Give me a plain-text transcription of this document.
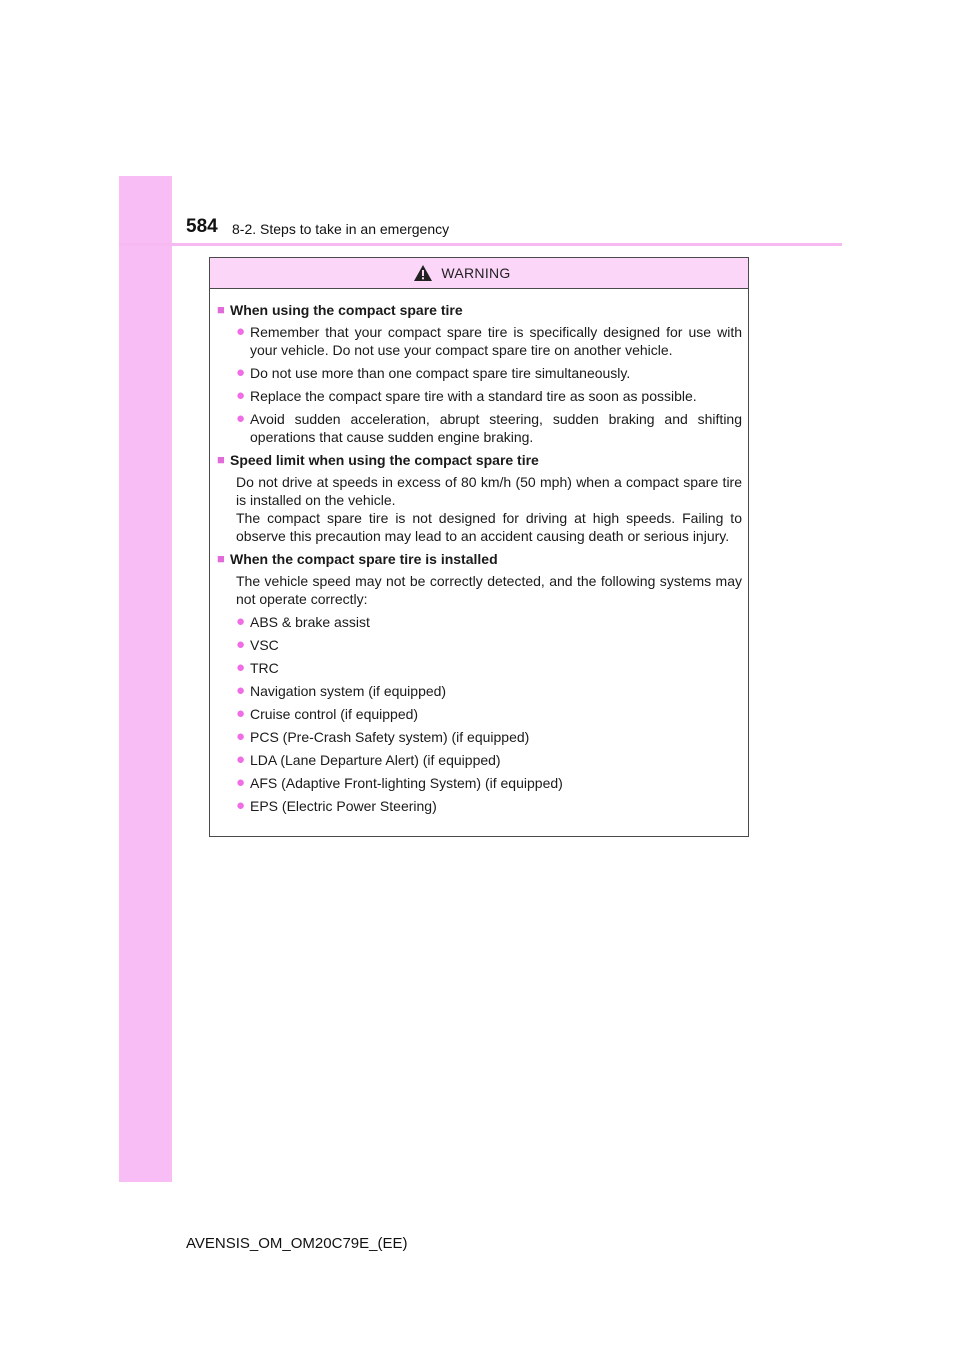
584 8-2. Steps to take in an emergency
WARNING
■ When using the compact spare tire
● Remember that your compact spare tire is specifically designed for use with your vehicle. Do not use your compact spare tire on another vehicle.
● Do not use more than one compact spare tire simultaneously.
● Replace the compact spare tire with a standard tire as soon as possible.
● Avoid sudden acceleration, abrupt steering, sudden braking and shifting operations that cause sudden engine braking.
■ Speed limit when using the compact spare tire
Do not drive at speeds in excess of 80 km/h (50 mph) when a compact spare tire is installed on the vehicle.
The compact spare tire is not designed for driving at high speeds. Failing to observe this precaution may lead to an accident causing death or serious injury.
■ When the compact spare tire is installed
The vehicle speed may not be correctly detected, and the following systems may not operate correctly:
● ABS & brake assist
● VSC
● TRC
● Navigation system (if equipped)
● Cruise control (if equipped)
● PCS (Pre-Crash Safety system) (if equipped)
● LDA (Lane Departure Alert) (if equipped)
● AFS (Adaptive Front-lighting System) (if equipped)
● EPS (Electric Power Steering)
AVENSIS_OM_OM20C79E_(EE)
